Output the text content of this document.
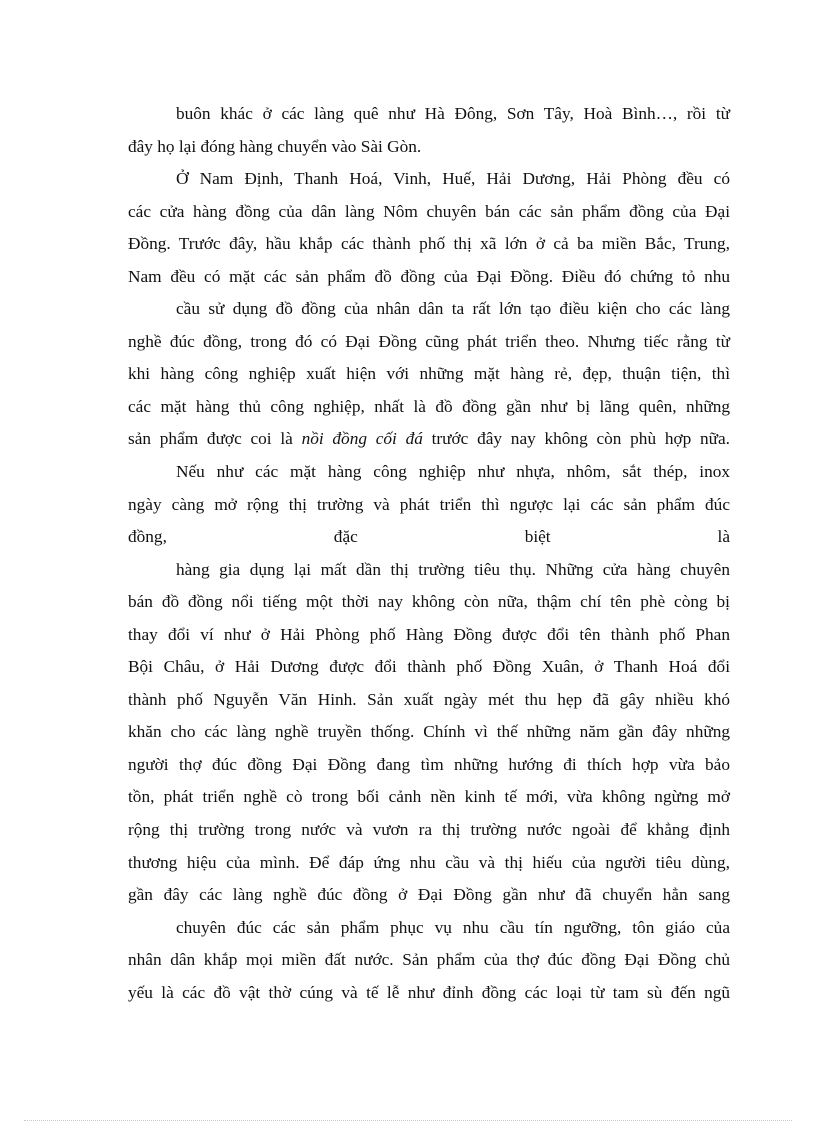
buôn khác ở các làng quê như Hà Đông, Sơn Tây, Hoà Bình…, rồi từ
đây họ lại đóng hàng chuyển vào Sài Gòn.
Ở Nam Định, Thanh Hoá, Vinh, Huế, Hải Dương, Hải Phòng đều có
các cửa hàng đồng của dân làng Nôm chuyên bán các sản phẩm đồng của Đại
Đồng. Trước đây, hầu khắp các thành phố thị xã lớn ở cả ba miền Bắc, Trung,
Nam đều có mặt các sản phẩm đồ đồng của Đại Đồng. Điều đó chứng tỏ nhu
cầu sử dụng đồ đồng của nhân dân ta rất lớn tạo điều kiện cho các làng
nghề đúc đồng, trong đó có Đại Đồng cũng phát triển theo. Nhưng tiếc rằng từ
khi hàng công nghiệp xuất hiện với những mặt hàng rẻ, đẹp, thuận tiện, thì
các mặt hàng thủ công nghiệp, nhất là đồ đồng gần như bị lãng quên, những
sản phẩm được coi là nồi đồng cối đá trước đây nay không còn phù hợp nữa.
Nếu như các mặt hàng công nghiệp như nhựa, nhôm, sắt thép, inox
ngày càng mở rộng thị trường và phát triển thì ngược lại các sản phẩm đúc
đồng, đặc biệt là
hàng gia dụng lại mất dần thị trường tiêu thụ. Những cửa hàng chuyên
bán đồ đồng nổi tiếng một thời nay không còn nữa, thậm chí tên phè còng bị
thay đổi ví như ở Hải Phòng phố Hàng Đồng được đổi tên thành phố Phan
Bội Châu, ở Hải Dương được đổi thành phố Đồng Xuân, ở Thanh Hoá đổi
thành phố Nguyễn Văn Hinh. Sản xuất ngày mét thu hẹp đã gây nhiều khó
khăn cho các làng nghề truyền thống. Chính vì thế những năm gần đây những
người thợ đúc đồng Đại Đồng đang tìm những hướng đi thích hợp vừa bảo
tồn, phát triển nghề cò trong bối cảnh nền kinh tế mới, vừa không ngừng mở
rộng thị trường trong nước và vươn ra thị trường nước ngoài để khẳng định
thương hiệu của mình. Để đáp ứng nhu cầu và thị hiếu của người tiêu dùng,
gần đây các làng nghề đúc đồng ở Đại Đồng gần như đã chuyển hẳn sang
chuyên đúc các sản phẩm phục vụ nhu cầu tín ngưỡng, tôn giáo của
nhân dân khắp mọi miền đất nước. Sản phẩm của thợ đúc đồng Đại Đồng chủ
yếu là các đồ vật thờ cúng và tế lễ như đỉnh đồng các loại từ tam sù đến ngũ
